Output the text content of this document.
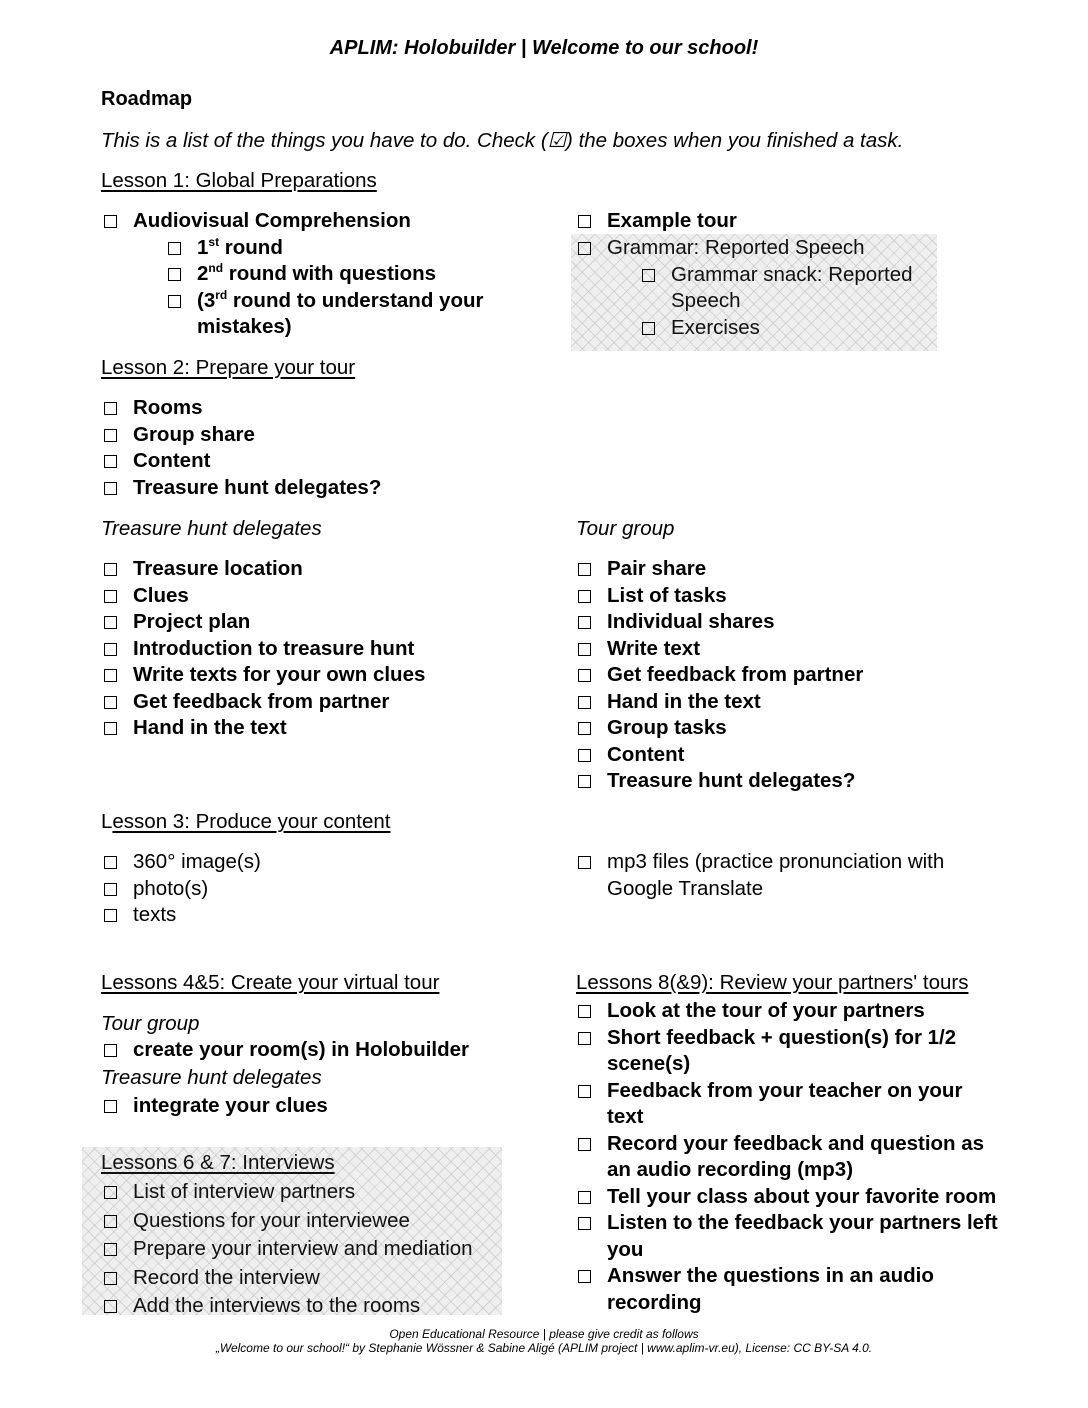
APLIM: Holobuilder | Welcome to our school!
Roadmap
This is a list of the things you have to do. Check (☑) the boxes when you finished a task.
Lesson 1: Global Preparations
Audiovisual Comprehension
1st round
2nd round with questions
(3rd round to understand your
mistakes)
Example tour
Grammar: Reported Speech
Grammar snack: Reported
Speech
Exercises
Lesson 2: Prepare your tour
Rooms
Group share
Content
Treasure hunt delegates?
Treasure hunt delegates	Tour group
Treasure location
Clues
Project plan
Introduction to treasure hunt
Write texts for your own clues
Get feedback from partner
Hand in the text
Pair share
List of tasks
Individual shares
Write text
Get feedback from partner
Hand in the text
Group tasks
Content
Treasure hunt delegates?
Lesson 3: Produce your content
360° image(s)
photo(s)
texts
mp3 files (practice pronunciation with
Google Translate
Lessons 4&5: Create your virtual tour
Tour group
create your room(s) in Holobuilder
Treasure hunt delegates
integrate your clues
Lessons 6 & 7: Interviews
List of interview partners
Questions for your interviewee
Prepare your interview and mediation
Record the interview
Add the interviews to the rooms
Lessons 8(&9): Review your partners' tours
Look at the tour of your partners
Short feedback + question(s) for 1/2
scene(s)
Feedback from your teacher on your
text
Record your feedback and question as
an audio recording (mp3)
Tell your class about your favorite room
Listen to the feedback your partners left
you
Answer the questions in an audio
recording
Open Educational Resource | please give credit as follows
„Welcome to our school!“ by Stephanie Wössner & Sabine Aligé (APLIM project | www.aplim-vr.eu), License: CC BY-SA 4.0.
